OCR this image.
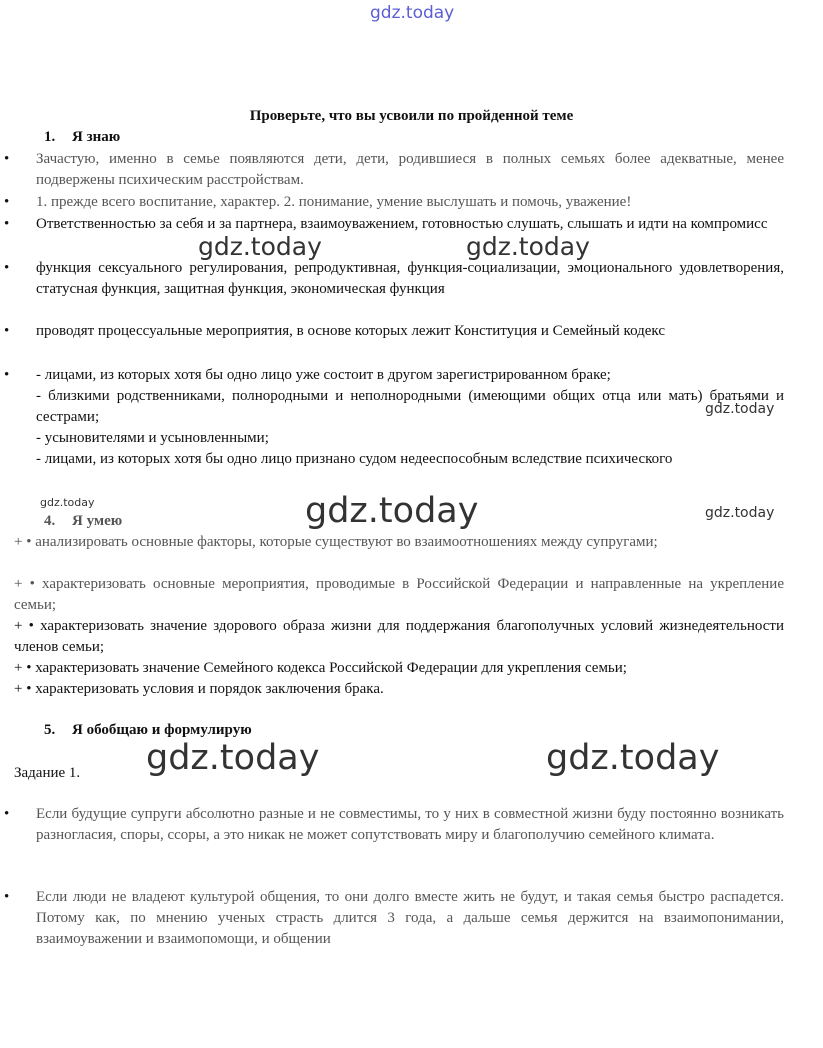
gdz.today
gdz.today	gdz.today
gdz.today
gdz.today	gdz.today	gdz.today
gdz.today	gdz.today
Проверьте, что вы усвоили по пройденной теме
1. Я знаю
• Зачастую, именно в семье появляются дети, дети, родившиеся в полных семьях более адекватные, менее подвержены психическим расстройствам.
• 1. прежде всего воспитание, характер. 2. понимание, умение выслушать и помочь, уважение!
• Ответственностью за себя и за партнера, взаимоуважением, готовностью слушать, слышать и идти на компромисс
• функция сексуального регулирования, репродуктивная, функция-социализации, эмоционального удовлетворения, статусная функция, защитная функция, экономическая функция
• проводят процессуальные мероприятия, в основе которых лежит Конституция и Семейный кодекс
• - лицами, из которых хотя бы одно лицо уже состоит в другом зарегистрированном браке;
- близкими родственниками, полнородными и неполнородными (имеющими общих отца или мать) братьями и сестрами;
- усыновителями и усыновленными;
- лицами, из которых хотя бы одно лицо признано судом недееспособным вследствие психического
4. Я умею
+ • анализировать основные факторы, которые существуют во взаимоотношениях между супругами;
+ • характеризовать основные мероприятия, проводимые в Российской Федерации и направленные на укрепление семьи;
+ • характеризовать значение здорового образа жизни для поддержания благополучных условий жизнедеятельности членов семьи;
+ • характеризовать значение Семейного кодекса Российской Федерации для укрепления семьи;
+ • характеризовать условия и порядок заключения брака.
5. Я обобщаю и формулирую
Задание 1.
• Если будущие супруги абсолютно разные и не совместимы, то у них в совместной жизни буду постоянно возникать разногласия, споры, ссоры, а это никак не может сопутствовать миру и благополучию семейного климата.
• Если люди не владеют культурой общения, то они долго вместе жить не будут, и такая семья быстро распадется. Потому как, по мнению ученых страсть длится 3 года, а дальше семья держится на взаимопонимании, взаимоуважении и взаимопомощи, и общении
